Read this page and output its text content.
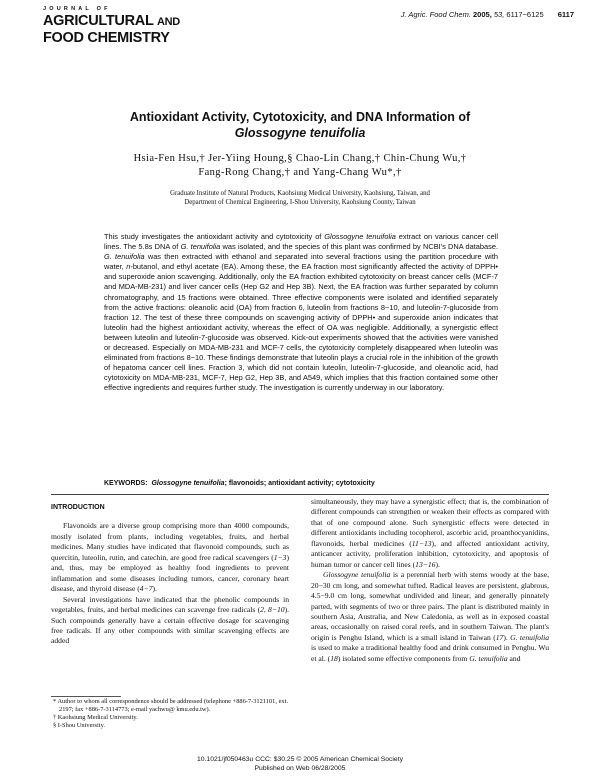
JOURNAL OF
AGRICULTURAL AND
FOOD CHEMISTRY
J. Agric. Food Chem. 2005, 53, 6117−6125 6117
Antioxidant Activity, Cytotoxicity, and DNA Information of
Glossogyne tenuifolia
Hsia-Fen Hsu,† Jer-Yiing Houng,§ Chao-Lin Chang,† Chin-Chung Wu,†
Fang-Rong Chang,† and Yang-Chang Wu*,†
Graduate Institute of Natural Products, Kaohsiung Medical University, Kaohsiung, Taiwan, and
Department of Chemical Engineering, I-Shou University, Kaohsiung County, Taiwan
This study investigates the antioxidant activity and cytotoxicity of Glossogyne tenuifolia extract on various cancer cell lines. The 5.8s DNA of G. tenuifolia was isolated, and the species of this plant was confirmed by NCBI's DNA database. G. tenuifolia was then extracted with ethanol and separated into several fractions using the partition procedure with water, n-butanol, and ethyl acetate (EA). Among these, the EA fraction most significantly affected the activity of DPPH• and superoxide anion scavenging. Additionally, only the EA fraction exhibited cytotoxicity on breast cancer cells (MCF-7 and MDA-MB-231) and liver cancer cells (Hep G2 and Hep 3B). Next, the EA fraction was further separated by column chromatography, and 15 fractions were obtained. Three effective components were isolated and identified separately from the active fractions: oleanolic acid (OA) from fraction 6, luteolin from fractions 8−10, and luteolin-7-glucoside from fraction 12. The test of these three compounds on scavenging activity of DPPH• and superoxide anion indicates that luteolin had the highest antioxidant activity, whereas the effect of OA was negligible. Additionally, a synergistic effect between luteolin and luteolin-7-glucoside was observed. Kick-out experiments showed that the activities were vanished or decreased. Especially on MDA-MB-231 and MCF-7 cells, the cytotoxicity completely disappeared when luteolin was eliminated from fractions 8−10. These findings demonstrate that luteolin plays a crucial role in the inhibition of the growth of hepatoma cancer cell lines. Fraction 3, which did not contain luteolin, luteolin-7-glucoside, and oleanolic acid, had cytotoxicity on MDA-MB-231, MCF-7, Hep G2, Hep 3B, and A549, which implies that this fraction contained some other effective ingredients and requires further study. The investigation is currently underway in our laboratory.
KEYWORDS: Glossogyne tenuifolia; flavonoids; antioxidant activity; cytotoxicity
INTRODUCTION

Flavonoids are a diverse group comprising more than 4000 compounds, mostly isolated from plants, including vegetables, fruits, and herbal medicines. Many studies have indicated that flavonoid compounds, such as quercitin, luteolin, rutin, and catechin, are good free radical scavengers (1−3) and, thus, may be employed as healthy food ingredients to prevent inflammation and some diseases including tumors, cancer, coronary heart disease, and thyroid disease (4−7).

Several investigations have indicated that the phenolic compounds in vegetables, fruits, and herbal medicines can scavenge free radicals (2, 8−10). Such compounds generally have a certain effective dosage for scavenging free radicals. If any other compounds with similar scavenging effects are added

simultaneously, they may have a synergistic effect; that is, the combination of different compounds can strengthen or weaken their effects as compared with that of one compound alone. Such synergistic effects were detected in different antioxidants including tocopherol, ascorbic acid, proanthocyanidins, flavonoids, herbal medicines (11−13), and affected antioxidant activity, anticancer activity, proliferation inhibition, cytotoxicity, and apoptosis of human tumor or cancer cell lines (13−16).

Glossogyne tenuifolia is a perennial herb with stems woody at the base, 20−30 cm long, and somewhat tufted. Radical leaves are persistent, glabrous, 4.5−9.0 cm long, somewhat undivided and linear, and generally pinnately parted, with segments of two or three pairs. The plant is distributed mainly in southern Asia, Australia, and New Caledonia, as well as in exposed coastal areas, occasionally on raised coral reefs, and in southern Taiwan. The plant's origin is Penghu Island, which is a small island in Taiwan (17). G. tenuifolia is used to make a traditional healthy food and drink consumed in Penghu. Wu et al. (18) isolated some effective components from G. tenuifolia and

* Author to whom all correspondence should be addressed (telephone +886-7-3121101, ext. 2197; fax +886-7-3114773; e-mail yachwu@ kmu.edu.tw).
† Kaohsiung Medical University.
§ I-Shou University.
10.1021/jf050463u CCC: $30.25 © 2005 American Chemical Society
Published on Web 06/28/2005
